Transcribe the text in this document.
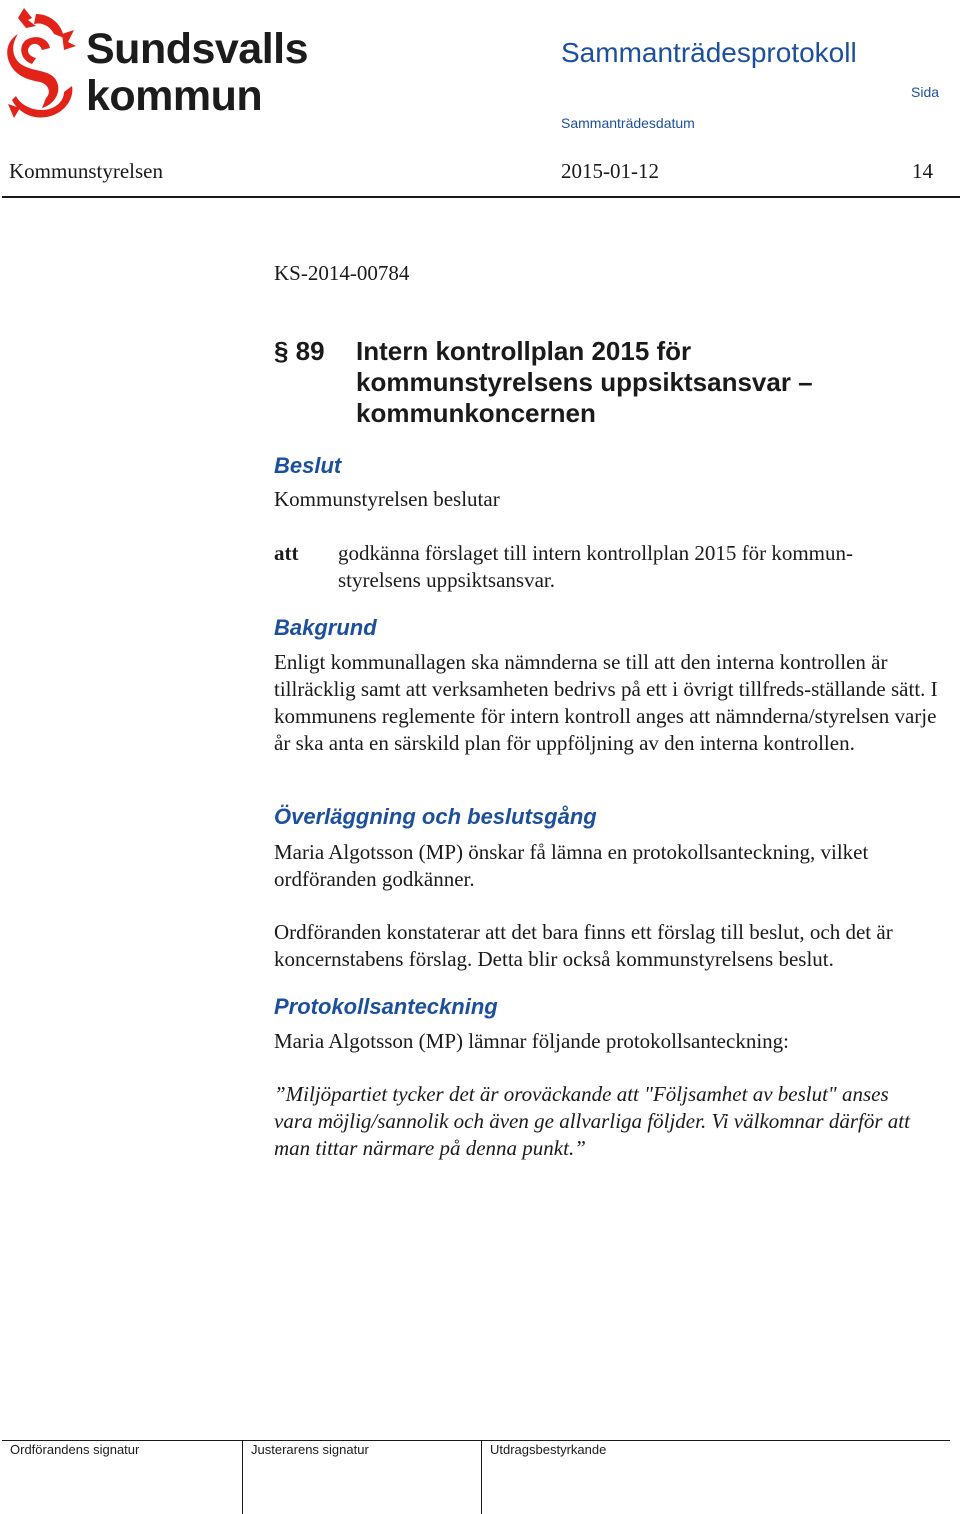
Sundsvalls
kommun
Sammanträdesprotokoll
Sida
Sammanträdesdatum
Kommunstyrelsen	2015-01-12	14
KS-2014-00784
§ 89 Intern kontrollplan 2015 för kommunstyrelsens uppsiktsansvar – kommunkoncernen
Beslut
Kommunstyrelsen beslutar
att godkänna förslaget till intern kontrollplan 2015 för kommun-styrelsens uppsiktsansvar.
Bakgrund
Enligt kommunallagen ska nämnderna se till att den interna kontrollen är tillräcklig samt att verksamheten bedrivs på ett i övrigt tillfreds-ställande sätt. I kommunens reglemente för intern kontroll anges att nämnderna/styrelsen varje år ska anta en särskild plan för uppföljning av den interna kontrollen.
Överläggning och beslutsgång
Maria Algotsson (MP) önskar få lämna en protokollsanteckning, vilket ordföranden godkänner.
Ordföranden konstaterar att det bara finns ett förslag till beslut, och det är koncernstabens förslag. Detta blir också kommunstyrelsens beslut.
Protokollsanteckning
Maria Algotsson (MP) lämnar följande protokollsanteckning:
”Miljöpartiet tycker det är oroväckande att "Följsamhet av beslut" anses vara möjlig/sannolik och även ge allvarliga följder. Vi välkomnar därför att man tittar närmare på denna punkt.”
Ordförandens signatur	Justerarens signatur	Utdragsbestyrkande
